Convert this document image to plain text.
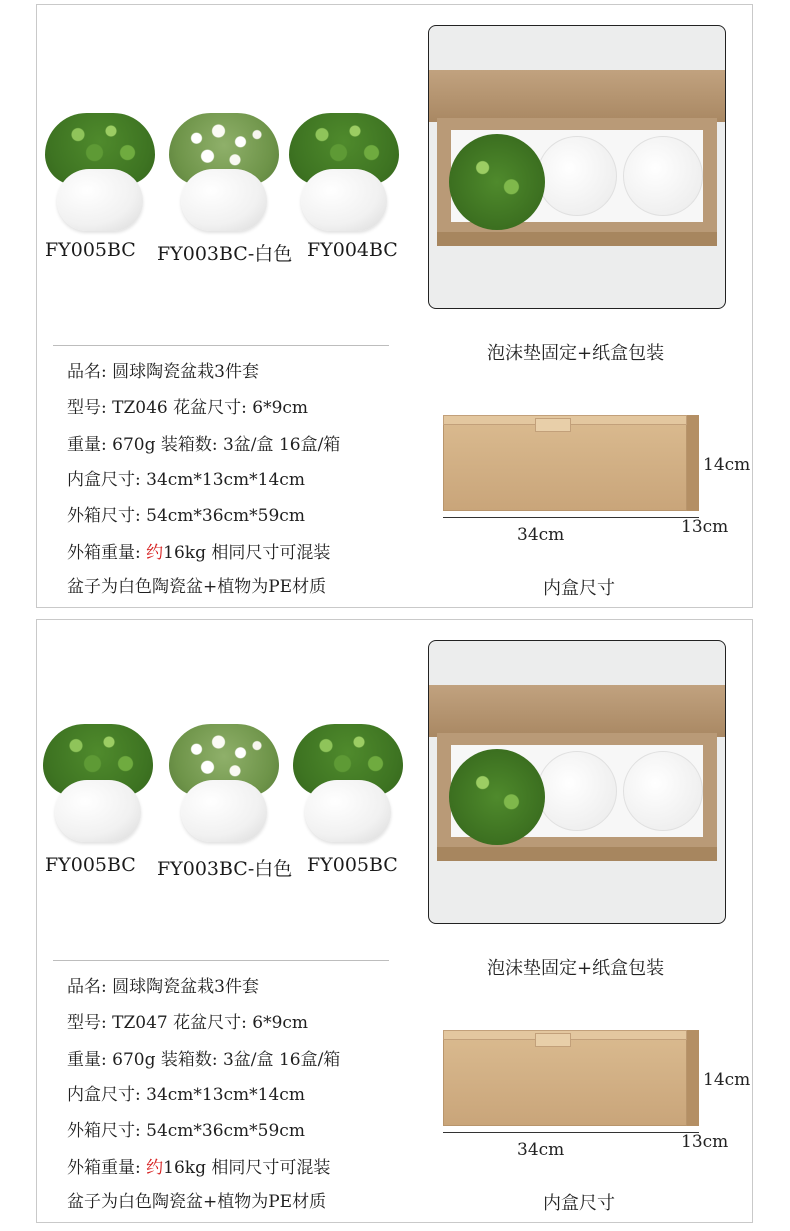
FY005BC FY003BC-白色 FY004BC
泡沫垫固定+纸盒包装
品名: 圆球陶瓷盆栽3件套
型号: TZ046 花盆尺寸: 6*9cm
重量: 670g 装箱数: 3盆/盒 16盒/箱
内盒尺寸: 34cm*13cm*14cm
外箱尺寸: 54cm*36cm*59cm
外箱重量: 约16kg 相同尺寸可混装
盆子为白色陶瓷盆+植物为PE材质
34cm
14cm
13cm
内盒尺寸
FY005BC FY003BC-白色 FY005BC
泡沫垫固定+纸盒包装
品名: 圆球陶瓷盆栽3件套
型号: TZ047 花盆尺寸: 6*9cm
重量: 670g 装箱数: 3盆/盒 16盒/箱
内盒尺寸: 34cm*13cm*14cm
外箱尺寸: 54cm*36cm*59cm
外箱重量: 约16kg 相同尺寸可混装
盆子为白色陶瓷盆+植物为PE材质
34cm
14cm
13cm
内盒尺寸
